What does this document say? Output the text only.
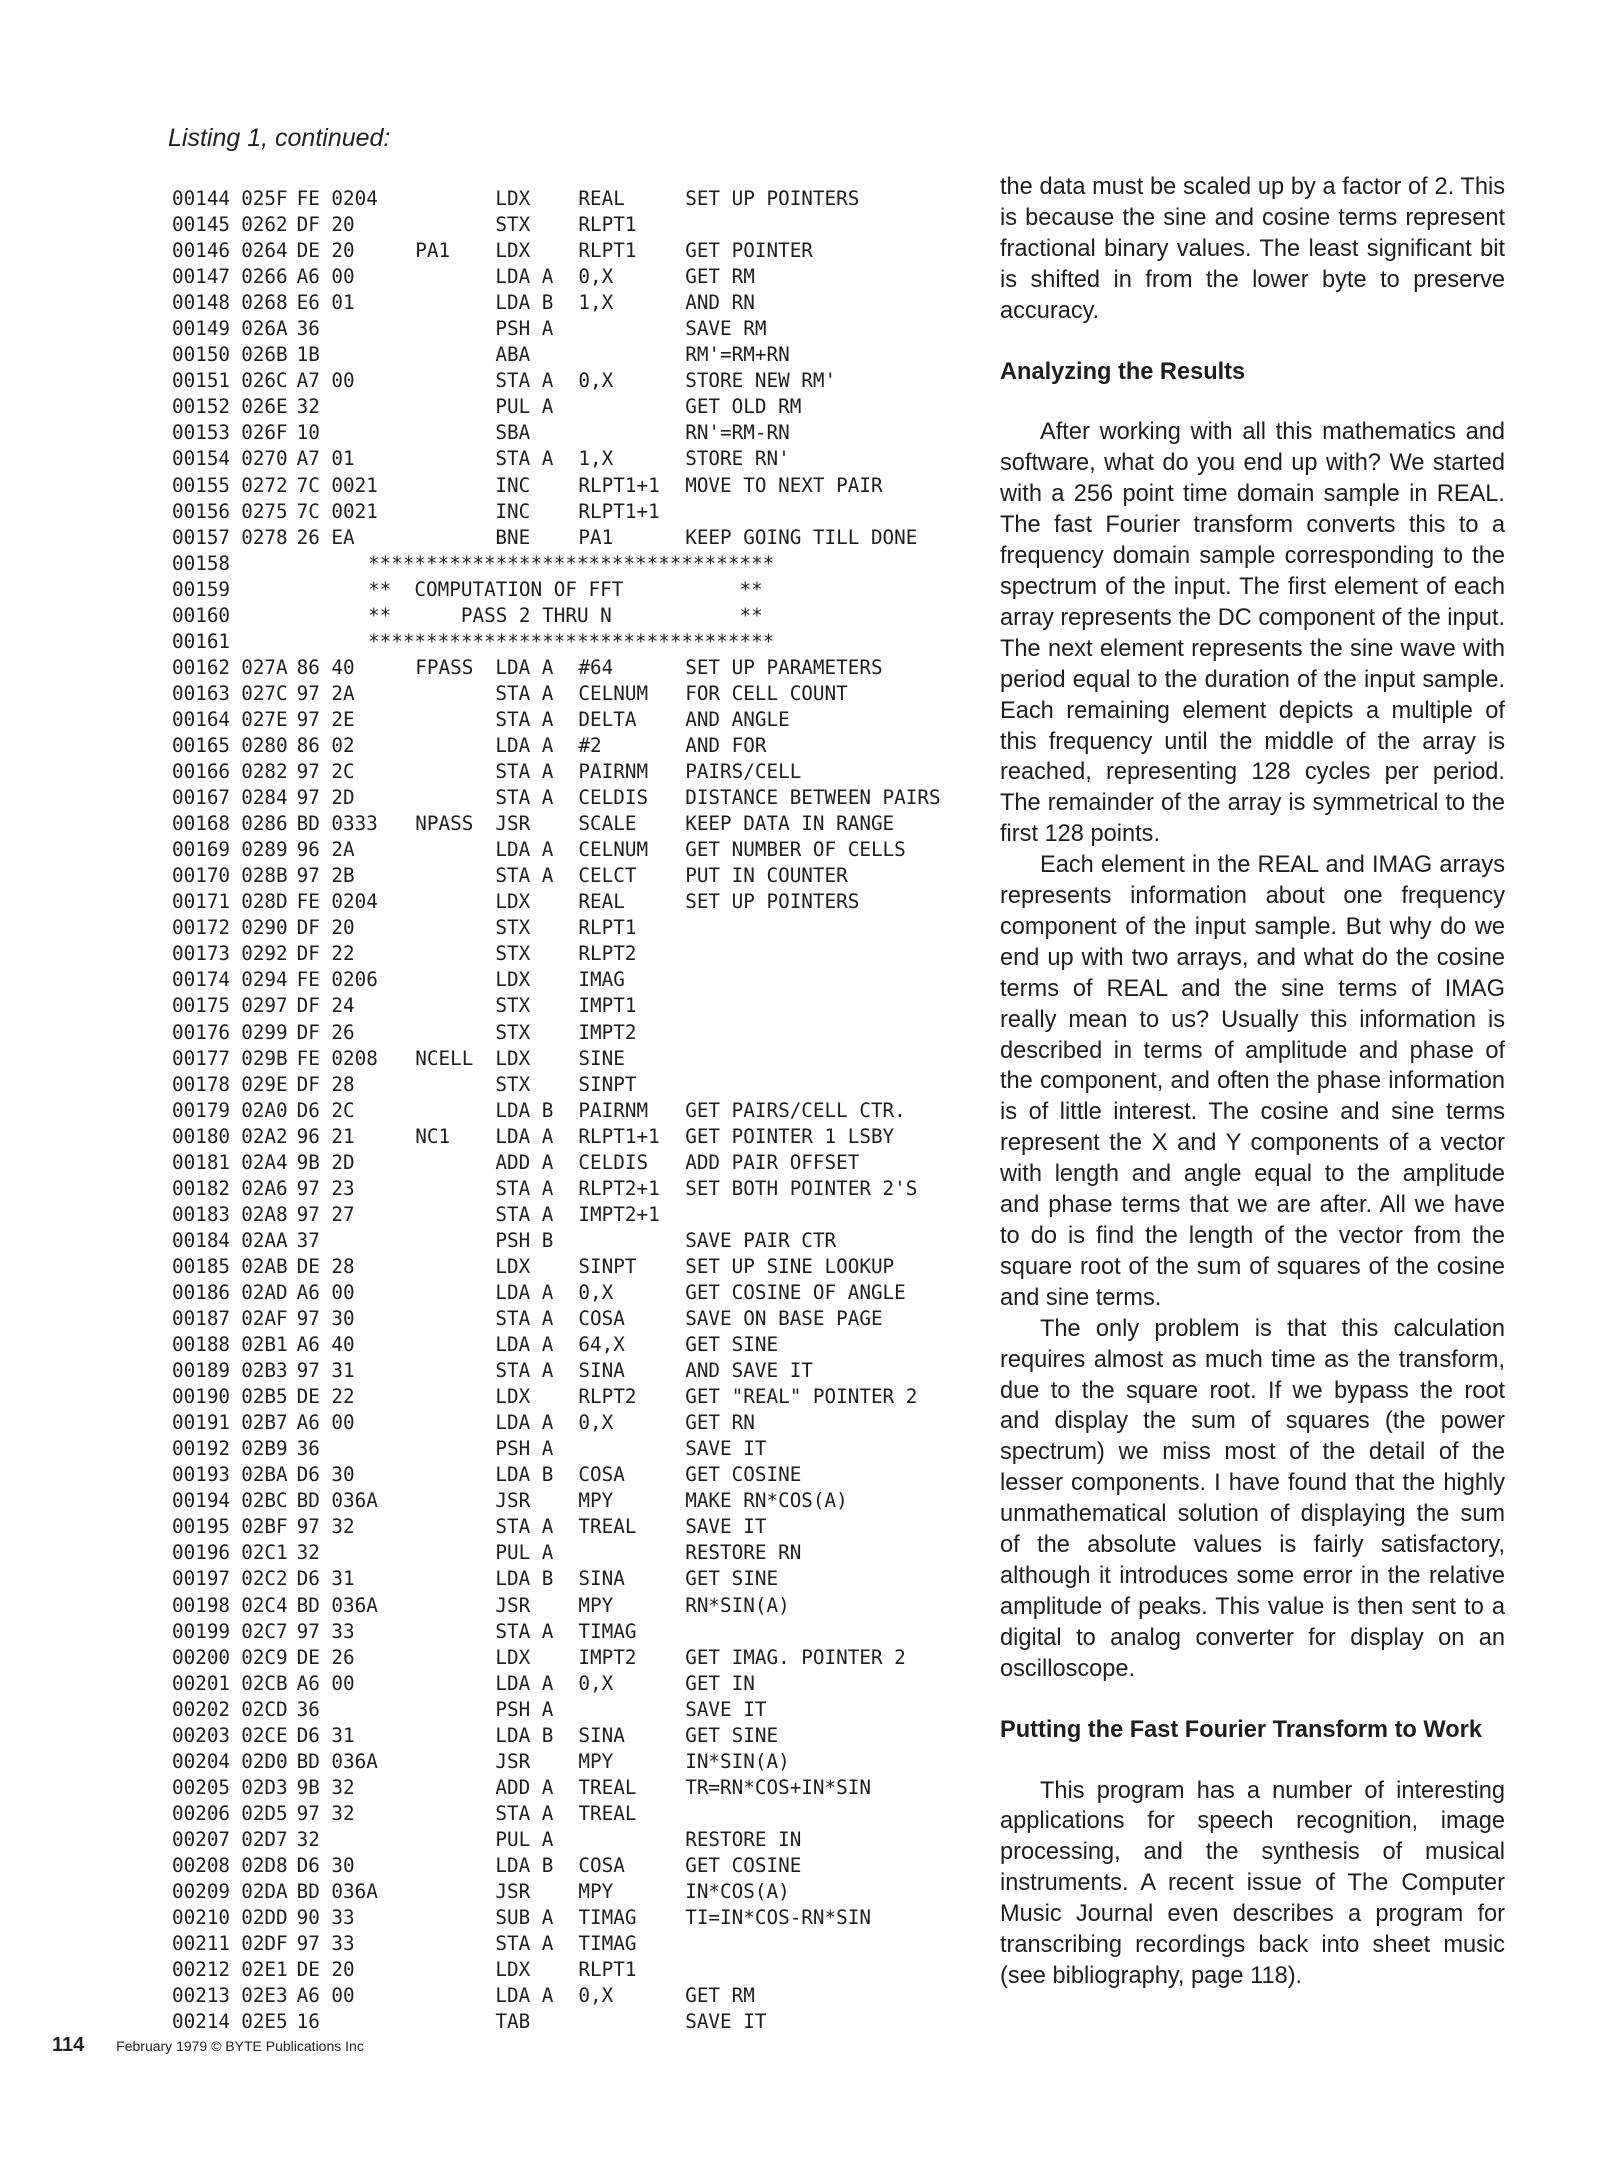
Listing 1, continued:
00144 025F FE 0204	LDX	REAL	SET UP POINTERS
00145 0262 DF 20	STX	RLPT1
00146 0264 DE 20	PA1	LDX	RLPT1	GET POINTER
00147 0266 A6 00	LDA A	0,X	GET RM
00148 0268 E6 01	LDA B	1,X	AND RN
00149 026A 36	PSH A	SAVE RM
00150 026B 1B	ABA	RM'=RM+RN
00151 026C A7 00	STA A	0,X	STORE NEW RM'
00152 026E 32	PUL A	GET OLD RM
00153 026F 10	SBA	RN'=RM-RN
00154 0270 A7 01	STA A	1,X	STORE RN'
00155 0272 7C 0021	INC	RLPT1+1	MOVE TO NEXT PAIR
00156 0275 7C 0021	INC	RLPT1+1
00157 0278 26 EA	BNE	PA1	KEEP GOING TILL DONE
00158	***********************************
00159	**  COMPUTATION OF FFT          **
00160	**      PASS 2 THRU N           **
00161	***********************************
00162 027A 86 40	FPASS	LDA A	#64	SET UP PARAMETERS
00163 027C 97 2A	STA A	CELNUM	FOR CELL COUNT
00164 027E 97 2E	STA A	DELTA	AND ANGLE
00165 0280 86 02	LDA A	#2	AND FOR
00166 0282 97 2C	STA A	PAIRNM	PAIRS/CELL
00167 0284 97 2D	STA A	CELDIS	DISTANCE BETWEEN PAIRS
00168 0286 BD 0333	NPASS	JSR	SCALE	KEEP DATA IN RANGE
00169 0289 96 2A	LDA A	CELNUM	GET NUMBER OF CELLS
00170 028B 97 2B	STA A	CELCT	PUT IN COUNTER
00171 028D FE 0204	LDX	REAL	SET UP POINTERS
00172 0290 DF 20	STX	RLPT1
00173 0292 DF 22	STX	RLPT2
00174 0294 FE 0206	LDX	IMAG
00175 0297 DF 24	STX	IMPT1
00176 0299 DF 26	STX	IMPT2
00177 029B FE 0208	NCELL	LDX	SINE
00178 029E DF 28	STX	SINPT
00179 02A0 D6 2C	LDA B	PAIRNM	GET PAIRS/CELL CTR.
00180 02A2 96 21	NC1	LDA A	RLPT1+1	GET POINTER 1 LSBY
00181 02A4 9B 2D	ADD A	CELDIS	ADD PAIR OFFSET
00182 02A6 97 23	STA A	RLPT2+1	SET BOTH POINTER 2'S
00183 02A8 97 27	STA A	IMPT2+1
00184 02AA 37	PSH B	SAVE PAIR CTR
00185 02AB DE 28	LDX	SINPT	SET UP SINE LOOKUP
00186 02AD A6 00	LDA A	0,X	GET COSINE OF ANGLE
00187 02AF 97 30	STA A	COSA	SAVE ON BASE PAGE
00188 02B1 A6 40	LDA A	64,X	GET SINE
00189 02B3 97 31	STA A	SINA	AND SAVE IT
00190 02B5 DE 22	LDX	RLPT2	GET "REAL" POINTER 2
00191 02B7 A6 00	LDA A	0,X	GET RN
00192 02B9 36	PSH A	SAVE IT
00193 02BA D6 30	LDA B	COSA	GET COSINE
00194 02BC BD 036A	JSR	MPY	MAKE RN*COS(A)
00195 02BF 97 32	STA A	TREAL	SAVE IT
00196 02C1 32	PUL A	RESTORE RN
00197 02C2 D6 31	LDA B	SINA	GET SINE
00198 02C4 BD 036A	JSR	MPY	RN*SIN(A)
00199 02C7 97 33	STA A	TIMAG
00200 02C9 DE 26	LDX	IMPT2	GET IMAG. POINTER 2
00201 02CB A6 00	LDA A	0,X	GET IN
00202 02CD 36	PSH A	SAVE IT
00203 02CE D6 31	LDA B	SINA	GET SINE
00204 02D0 BD 036A	JSR	MPY	IN*SIN(A)
00205 02D3 9B 32	ADD A	TREAL	TR=RN*COS+IN*SIN
00206 02D5 97 32	STA A	TREAL
00207 02D7 32	PUL A	RESTORE IN
00208 02D8 D6 30	LDA B	COSA	GET COSINE
00209 02DA BD 036A	JSR	MPY	IN*COS(A)
00210 02DD 90 33	SUB A	TIMAG	TI=IN*COS-RN*SIN
00211 02DF 97 33	STA A	TIMAG
00212 02E1 DE 20	LDX	RLPT1
00213 02E3 A6 00	LDA A	0,X	GET RM
00214 02E5 16	TAB	SAVE IT

the data must be scaled up by a factor of 2. This is because the sine and cosine terms represent fractional binary values. The least significant bit is shifted in from the lower byte to preserve accuracy.

Analyzing the Results

After working with all this mathematics and software, what do you end up with? We started with a 256 point time domain sample in REAL. The fast Fourier transform converts this to a frequency domain sample corresponding to the spectrum of the input. The first element of each array represents the DC component of the input. The next element represents the sine wave with period equal to the duration of the input sample. Each remaining element depicts a multiple of this frequency until the middle of the array is reached, representing 128 cycles per period. The remainder of the array is symmetrical to the first 128 points.

Each element in the REAL and IMAG arrays represents information about one frequency component of the input sample. But why do we end up with two arrays, and what do the cosine terms of REAL and the sine terms of IMAG really mean to us? Usually this information is described in terms of amplitude and phase of the component, and often the phase information is of little interest. The cosine and sine terms represent the X and Y components of a vector with length and angle equal to the amplitude and phase terms that we are after. All we have to do is find the length of the vector from the square root of the sum of squares of the cosine and sine terms.

The only problem is that this calculation requires almost as much time as the transform, due to the square root. If we bypass the root and display the sum of squares (the power spectrum) we miss most of the detail of the lesser components. I have found that the highly unmathematical solution of displaying the sum of the absolute values is fairly satisfactory, although it introduces some error in the relative amplitude of peaks. This value is then sent to a digital to analog converter for display on an oscilloscope.

Putting the Fast Fourier Transform to Work

This program has a number of interesting applications for speech recognition, image processing, and the synthesis of musical instruments. A recent issue of The Computer Music Journal even describes a program for transcribing recordings back into sheet music (see bibliography, page 118).

114 February 1979 © BYTE Publications Inc
